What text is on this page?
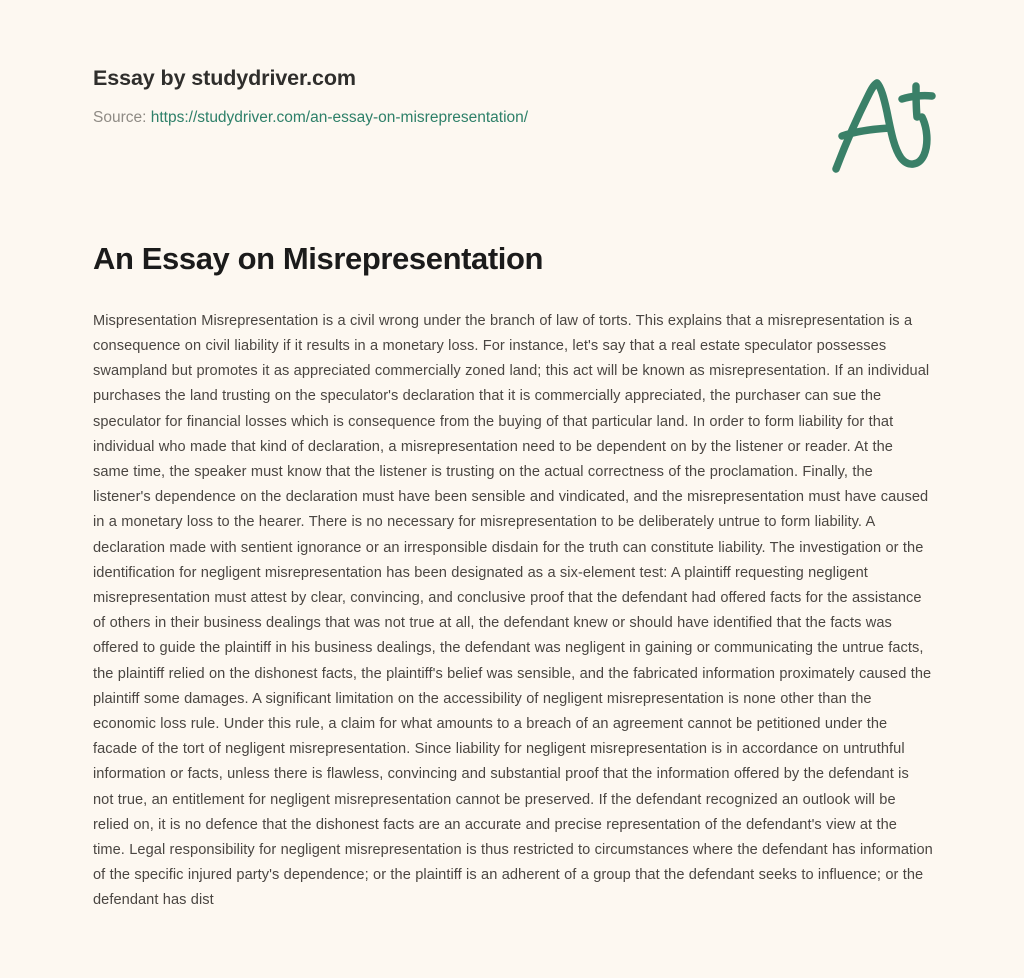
Essay by studydriver.com
Source: https://studydriver.com/an-essay-on-misrepresentation/
An Essay on Misrepresentation

Mispresentation Misrepresentation is a civil wrong under the branch of law of torts. This explains that a misrepresentation is a consequence on civil liability if it results in a monetary loss. For instance, let's say that a real estate speculator possesses swampland but promotes it as appreciated commercially zoned land; this act will be known as misrepresentation. If an individual purchases the land trusting on the speculator's declaration that it is commercially appreciated, the purchaser can sue the speculator for financial losses which is consequence from the buying of that particular land. In order to form liability for that individual who made that kind of declaration, a misrepresentation need to be dependent on by the listener or reader. At the same time, the speaker must know that the listener is trusting on the actual correctness of the proclamation. Finally, the listener's dependence on the declaration must have been sensible and vindicated, and the misrepresentation must have caused in a monetary loss to the hearer. There is no necessary for misrepresentation to be deliberately untrue to form liability. A declaration made with sentient ignorance or an irresponsible disdain for the truth can constitute liability. The investigation or the identification for negligent misrepresentation has been designated as a six-element test: A plaintiff requesting negligent misrepresentation must attest by clear, convincing, and conclusive proof that the defendant had offered facts for the assistance of others in their business dealings that was not true at all, the defendant knew or should have identified that the facts was offered to guide the plaintiff in his business dealings, the defendant was negligent in gaining or communicating the untrue facts, the plaintiff relied on the dishonest facts, the plaintiff's belief was sensible, and the fabricated information proximately caused the plaintiff some damages. A significant limitation on the accessibility of negligent misrepresentation is none other than the economic loss rule. Under this rule, a claim for what amounts to a breach of an agreement cannot be petitioned under the facade of the tort of negligent misrepresentation. Since liability for negligent misrepresentation is in accordance on untruthful information or facts, unless there is flawless, convincing and substantial proof that the information offered by the defendant is not true, an entitlement for negligent misrepresentation cannot be preserved. If the defendant recognized an outlook will be relied on, it is no defence that the dishonest facts are an accurate and precise representation of the defendant's view at the time. Legal responsibility for negligent misrepresentation is thus restricted to circumstances where the defendant has information of the specific injured party's dependence; or the plaintiff is an adherent of a group that the defendant seeks to influence; or the defendant has dist
